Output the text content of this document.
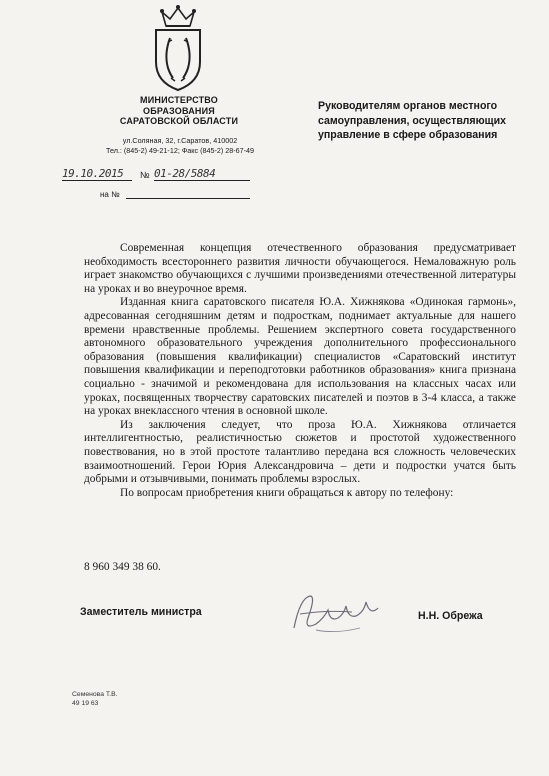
МИНИСТЕРСТВО
ОБРАЗОВАНИЯ
САРАТОВСКОЙ ОБЛАСТИ
ул.Соляная, 32, г.Саратов, 410002
Тел.: (845-2) 49-21-12; Факс (845-2) 28-67-49
Руководителям органов местного
самоуправления, осуществляющих
управление в сфере образования
19.10.2015	№ 01-28/5884
на №

Современная концепция отечественного образования предусматривает необходимость всестороннего развития личности обучающегося. Немаловажную роль играет знакомство обучающихся с лучшими произведениями отечественной литературы на уроках и во внеурочное время.

Изданная книга саратовского писателя Ю.А. Хижнякова «Одинокая гармонь», адресованная сегодняшним детям и подросткам, поднимает актуальные для нашего времени нравственные проблемы. Решением экспертного совета государственного автономного образовательного учреждения дополнительного профессионального образования (повышения квалификации) специалистов «Саратовский институт повышения квалификации и переподготовки работников образования» книга признана социально - значимой и рекомендована для использования на классных часах или уроках, посвященных творчеству саратовских писателей и поэтов в 3-4 класса, а также на уроках внеклассного чтения в основной школе.

Из заключения следует, что проза Ю.А. Хижнякова отличается интеллигентностью, реалистичностью сюжетов и простотой художественного повествования, но в этой простоте талантливо передана вся сложность человеческих взаимоотношений. Герои Юрия Александровича – дети и подростки учатся быть добрыми и отзывчивыми, понимать проблемы взрослых.

По вопросам приобретения книги обращаться к автору по телефону:

8 960 349 38 60.
Заместитель министра	Н.Н. Обрежа
Семенова Т.В.
49 19 63
